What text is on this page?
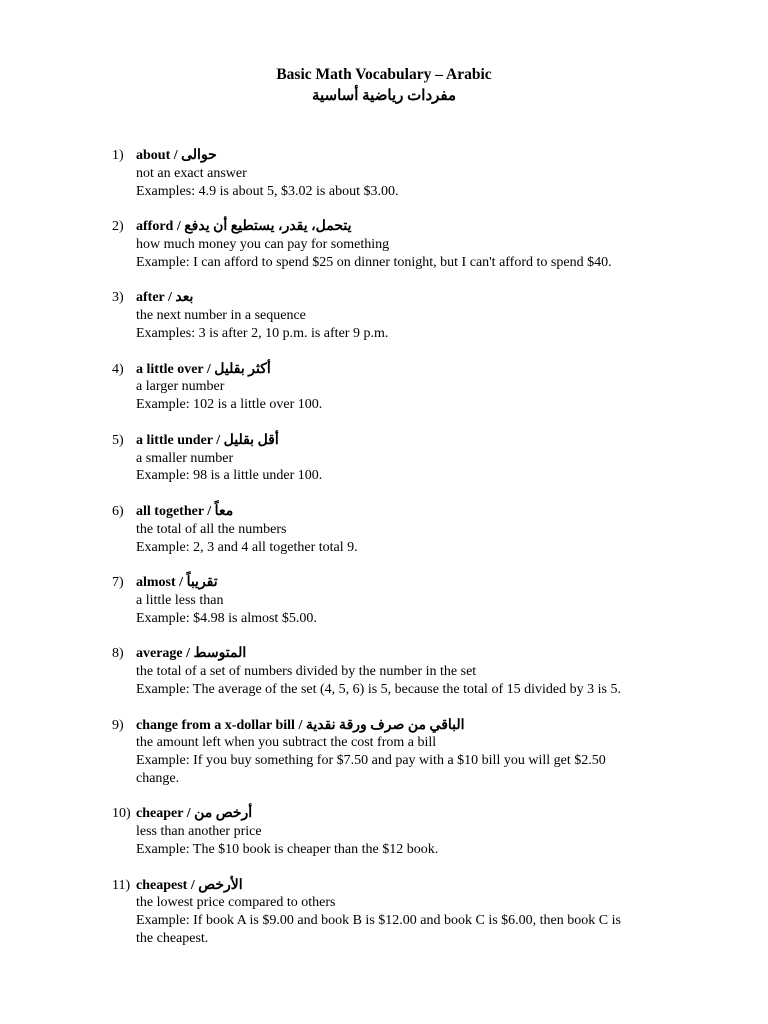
Basic Math Vocabulary – Arabic
مفردات رياضية أساسية
1) about / حوالى
not an exact answer
Examples: 4.9 is about 5, $3.02 is about $3.00.
2) afford / يتحمل، يقدر، يستطيع أن يدفع
how much money you can pay for something
Example: I can afford to spend $25 on dinner tonight, but I can't afford to spend $40.
3) after / بعد
the next number in a sequence
Examples: 3 is after 2, 10 p.m. is after 9 p.m.
4) a little over / أكثر بقليل
a larger number
Example: 102 is a little over 100.
5) a little under / أقل بقليل
a smaller number
Example: 98 is a little under 100.
6) all together / معاً
the total of all the numbers
Example: 2, 3 and 4 all together total 9.
7) almost / تقريباً
a little less than
Example: $4.98 is almost $5.00.
8) average / المتوسط
the total of a set of numbers divided by the number in the set
Example: The average of the set (4, 5, 6) is 5, because the total of 15 divided by 3 is 5.
9) change from a x-dollar bill / الباقي من صرف ورقة نقدية
the amount left when you subtract the cost from a bill
Example: If you buy something for $7.50 and pay with a $10 bill you will get $2.50
change.
10) cheaper / أرخص من
less than another price
Example: The $10 book is cheaper than the $12 book.
11) cheapest / الأرخص
the lowest price compared to others
Example: If book A is $9.00 and book B is $12.00 and book C is $6.00, then book C is
the cheapest.
